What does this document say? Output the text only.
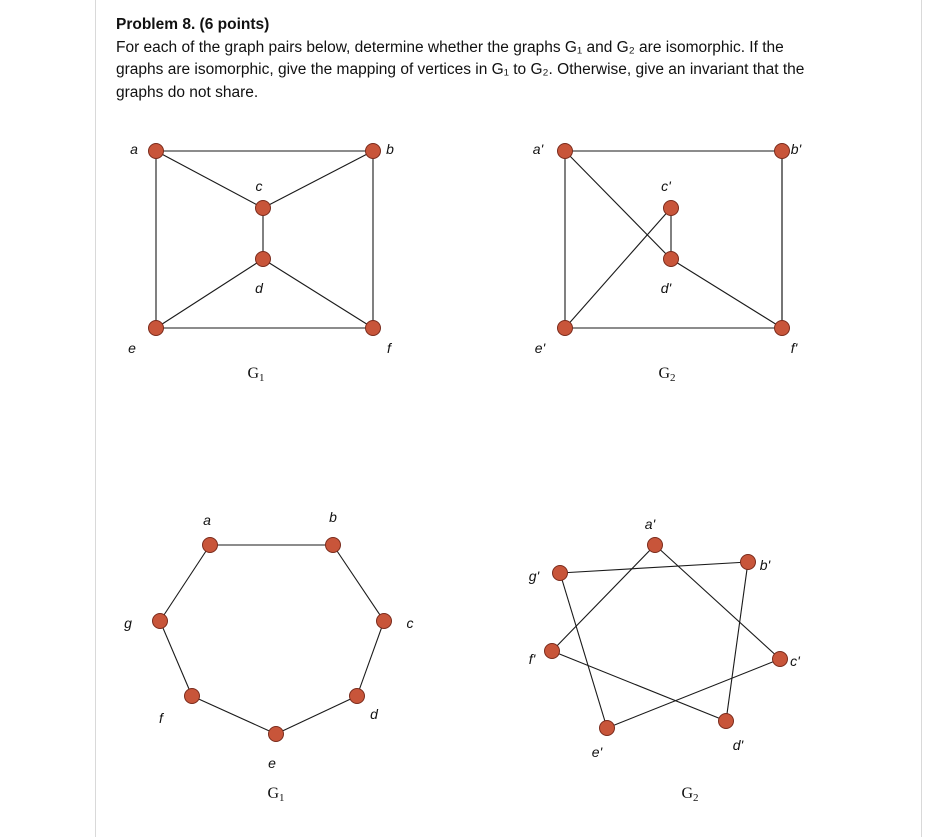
Problem 8. (6 points)
For each of the graph pairs below, determine whether the graphs G₁ and G₂ are isomorphic. If the graphs are isomorphic, give the mapping of vertices in G₁ to G₂. Otherwise, give an invariant that the graphs do not share.
a	b
c
d
e	f
G1
a'	b'
c'
d'
e'	f'
G2
a	b
c
d
e
f
g
G1
a'
b'
c'
d'
e'
f'
g'
G2
